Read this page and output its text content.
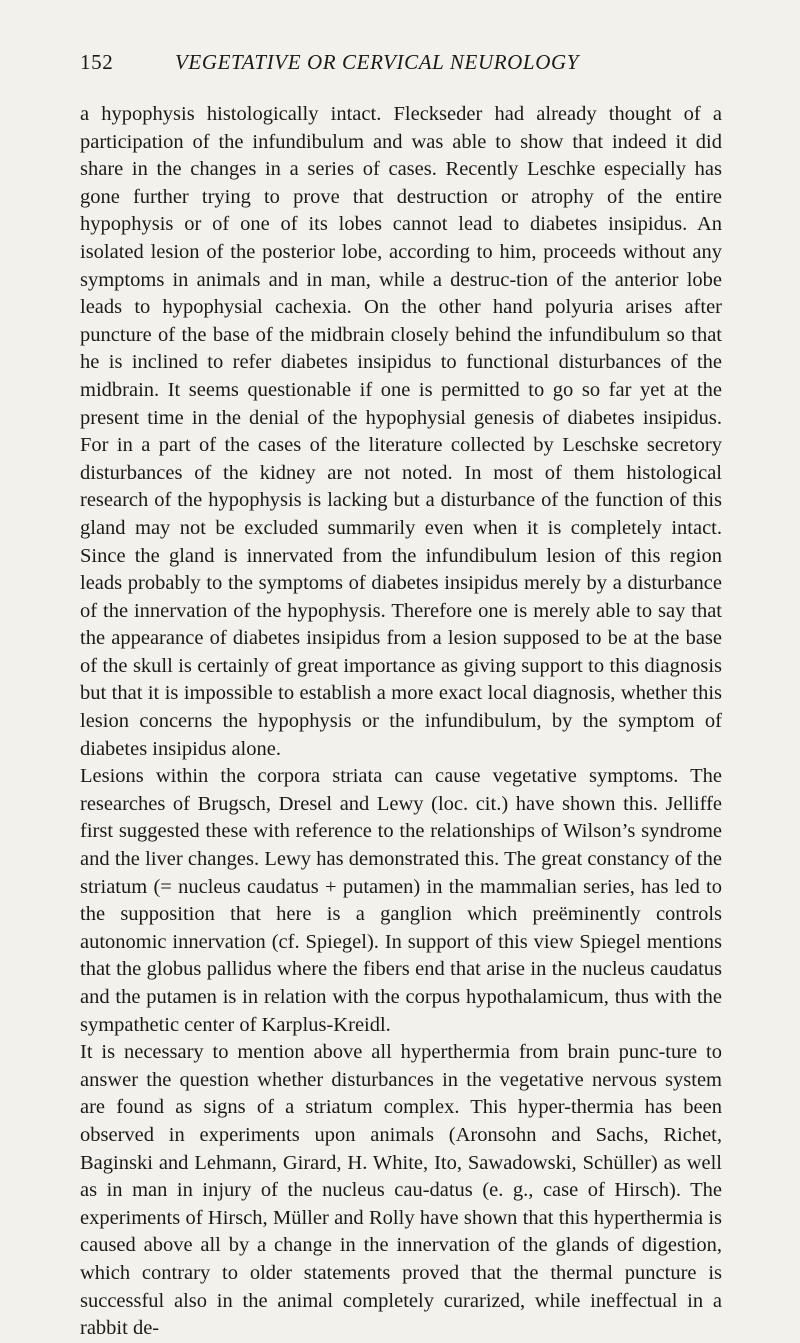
152	VEGETATIVE OR CERVICAL NEUROLOGY

a hypophysis histologically intact. Fleckseder had already thought of a participation of the infundibulum and was able to show that indeed it did share in the changes in a series of cases. Recently Leschke especially has gone further trying to prove that destruction or atrophy of the entire hypophysis or of one of its lobes cannot lead to diabetes insipidus. An isolated lesion of the posterior lobe, according to him, proceeds without any symptoms in animals and in man, while a destruc-tion of the anterior lobe leads to hypophysial cachexia. On the other hand polyuria arises after puncture of the base of the midbrain closely behind the infundibulum so that he is inclined to refer diabetes insipidus to functional disturbances of the midbrain. It seems questionable if one is permitted to go so far yet at the present time in the denial of the hypophysial genesis of diabetes insipidus. For in a part of the cases of the literature collected by Leschske secretory disturbances of the kidney are not noted. In most of them histological research of the hypophysis is lacking but a disturbance of the function of this gland may not be excluded summarily even when it is completely intact. Since the gland is innervated from the infundibulum lesion of this region leads probably to the symptoms of diabetes insipidus merely by a disturbance of the innervation of the hypophysis. Therefore one is merely able to say that the appearance of diabetes insipidus from a lesion supposed to be at the base of the skull is certainly of great importance as giving support to this diagnosis but that it is impossible to establish a more exact local diagnosis, whether this lesion concerns the hypophysis or the infundibulum, by the symptom of diabetes insipidus alone.

Lesions within the corpora striata can cause vegetative symptoms. The researches of Brugsch, Dresel and Lewy (loc. cit.) have shown this. Jelliffe first suggested these with reference to the relationships of Wilson’s syndrome and the liver changes. Lewy has demonstrated this. The great constancy of the striatum (= nucleus caudatus + putamen) in the mammalian series, has led to the supposition that here is a ganglion which preëminently controls autonomic innervation (cf. Spiegel). In support of this view Spiegel mentions that the globus pallidus where the fibers end that arise in the nucleus caudatus and the putamen is in relation with the corpus hypothalamicum, thus with the sympathetic center of Karplus-Kreidl.

It is necessary to mention above all hyperthermia from brain punc-ture to answer the question whether disturbances in the vegetative nervous system are found as signs of a striatum complex. This hyper-thermia has been observed in experiments upon animals (Aronsohn and Sachs, Richet, Baginski and Lehmann, Girard, H. White, Ito, Sawadowski, Schüller) as well as in man in injury of the nucleus cau-datus (e. g., case of Hirsch). The experiments of Hirsch, Müller and Rolly have shown that this hyperthermia is caused above all by a change in the innervation of the glands of digestion, which contrary to older statements proved that the thermal puncture is successful also in the animal completely curarized, while ineffectual in a rabbit de-
